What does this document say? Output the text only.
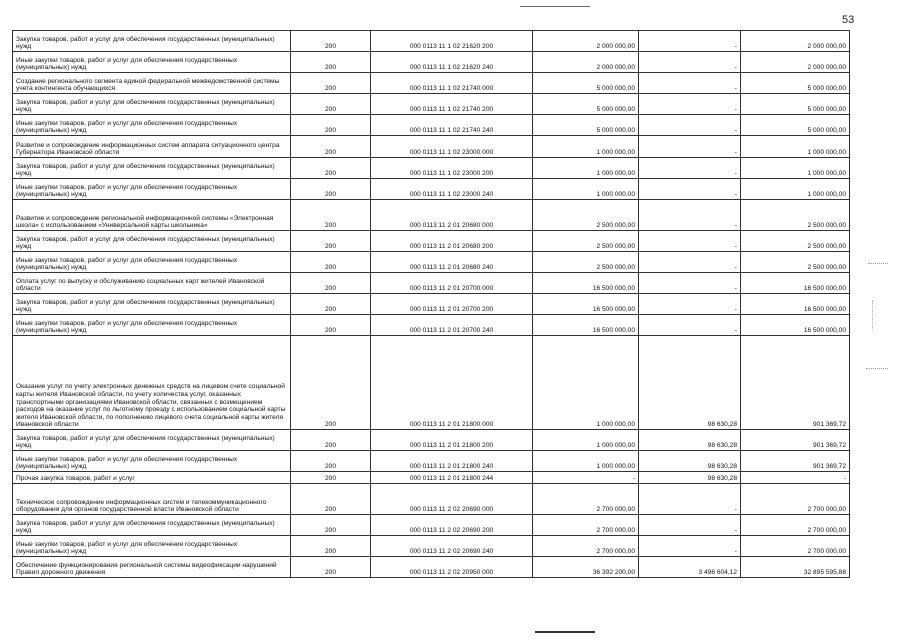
53
Закупка товаров, работ и услуг для обеспечения государственных (муниципальных) нужд	200	000 0113 11 1 02 21620 200	2 000 000,00	-	2 000 000,00
Иные закупки товаров, работ и услуг для обеспечения государственных (муниципальных) нужд	200	000 0113 11 1 02 21620 240	2 000 000,00	-	2 000 000,00
Создание регионального сегмента единой федеральной межведомственной системы учета контингента обучающихся	200	000 0113 11 1 02 21740 000	5 000 000,00	-	5 000 000,00
Закупка товаров, работ и услуг для обеспечения государственных (муниципальных) нужд	200	000 0113 11 1 02 21740 200	5 000 000,00	-	5 000 000,00
Иные закупки товаров, работ и услуг для обеспечения государственных (муниципальных) нужд	200	000 0113 11 1 02 21740 240	5 000 000,00	-	5 000 000,00
Развитие и сопровождение информационных систем аппарата ситуационного центра Губернатора Ивановской области	200	000 0113 11 1 02 23000 000	1 000 000,00	-	1 000 000,00
Закупка товаров, работ и услуг для обеспечения государственных (муниципальных) нужд	200	000 0113 11 1 02 23000 200	1 000 000,00	-	1 000 000,00
Иные закупки товаров, работ и услуг для обеспечения государственных (муниципальных) нужд	200	000 0113 11 1 02 23000 240	1 000 000,00	-	1 000 000,00
Развитие и сопровождение региональной информационной системы «Электронная школа» с использованием «Универсальной карты школьника»	200	000 0113 11 2 01 20680 000	2 500 000,00	-	2 500 000,00
Закупка товаров, работ и услуг для обеспечения государственных (муниципальных) нужд	200	000 0113 11 2 01 20680 200	2 500 000,00	-	2 500 000,00
Иные закупки товаров, работ и услуг для обеспечения государственных (муниципальных) нужд	200	000 0113 11 2 01 20680 240	2 500 000,00	-	2 500 000,00
Оплата услуг по выпуску и обслуживанию социальных карт жителей Ивановской области	200	000 0113 11 2 01 20700 000	16 500 000,00	-	16 500 000,00
Закупка товаров, работ и услуг для обеспечения государственных (муниципальных) нужд	200	000 0113 11 2 01 20700 200	16 500 000,00	-	16 500 000,00
Иные закупки товаров, работ и услуг для обеспечения государственных (муниципальных) нужд	200	000 0113 11 2 01 20700 240	16 500 000,00	-	16 500 000,00
Оказание услуг по учету электронных денежных средств на лицевом счете социальной карты жителя Ивановской области, по учету количества услуг, оказанных транспортными организациями Ивановской области, связанных с возмещением расходов на оказание услуг по льготному проезду с использованием социальной карты жителя Ивановской области, по пополнению лицевого счета социальной карты жителя Ивановской области	200	000 0113 11 2 01 21800 000	1 000 000,00	98 630,28	901 369,72
Закупка товаров, работ и услуг для обеспечения государственных (муниципальных) нужд	200	000 0113 11 2 01 21800 200	1 000 000,00	98 630,28	901 369,72
Иные закупки товаров, работ и услуг для обеспечения государственных (муниципальных) нужд	200	000 0113 11 2 01 21800 240	1 000 000,00	98 630,28	901 369,72
Прочая закупка товаров, работ и услуг	200	000 0113 11 2 01 21800 244	-	98 630,28	-
Техническое сопровождение информационных систем и телекоммуникационного оборудования для органов государственной власти Ивановской области	200	000 0113 11 2 02 20690 000	2 700 000,00	-	2 700 000,00
Закупка товаров, работ и услуг для обеспечения государственных (муниципальных) нужд	200	000 0113 11 2 02 20690 200	2 700 000,00	-	2 700 000,00
Иные закупки товаров, работ и услуг для обеспечения государственных (муниципальных) нужд	200	000 0113 11 2 02 20690 240	2 700 000,00	-	2 700 000,00
Обеспечение функционирования региональной системы видеофиксации нарушений Правил дорожного движения	200	000 0113 11 2 02 20950 000	36 392 200,00	3 496 604,12	32 895 595,88
